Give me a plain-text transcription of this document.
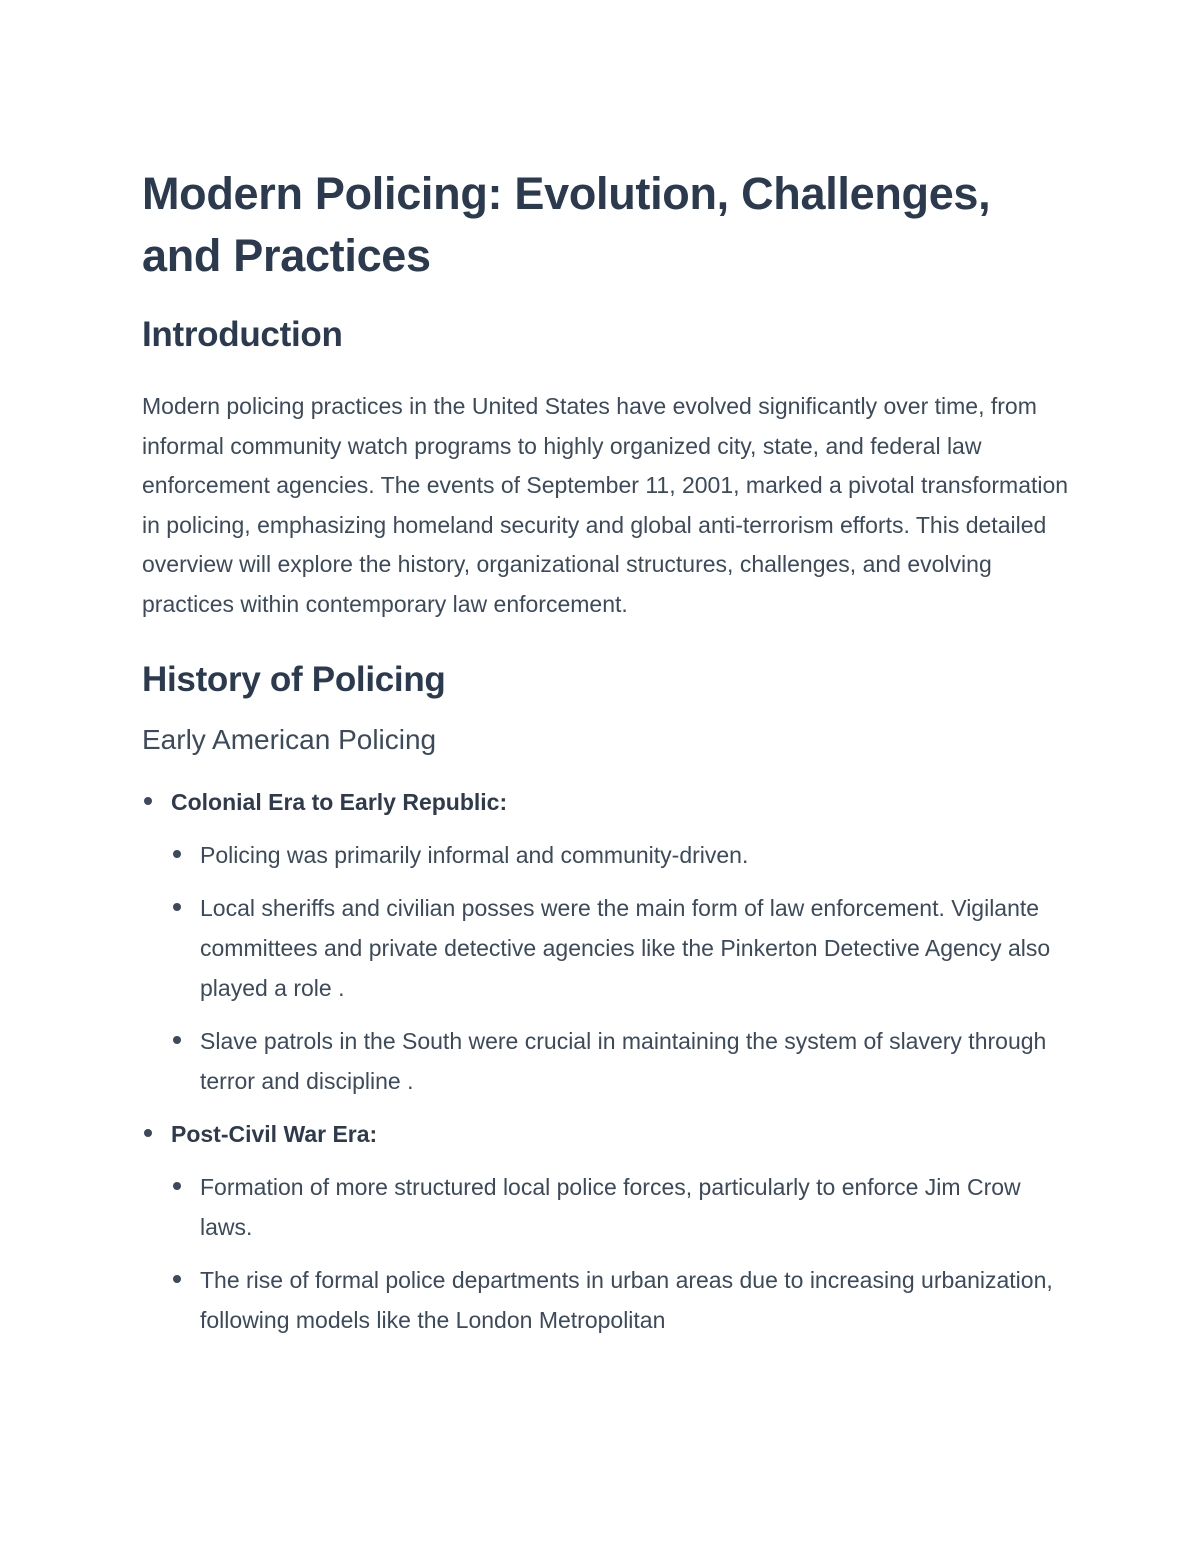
Modern Policing: Evolution, Challenges, and Practices
Introduction

Modern policing practices in the United States have evolved significantly over time, from informal community watch programs to highly organized city, state, and federal law enforcement agencies. The events of September 11, 2001, marked a pivotal transformation in policing, emphasizing homeland security and global anti-terrorism efforts. This detailed overview will explore the history, organizational structures, challenges, and evolving practices within contemporary law enforcement.

History of Policing
Early American Policing
Colonial Era to Early Republic:
Policing was primarily informal and community-driven.
Local sheriffs and civilian posses were the main form of law enforcement. Vigilante committees and private detective agencies like the Pinkerton Detective Agency also played a role .
Slave patrols in the South were crucial in maintaining the system of slavery through terror and discipline .
Post-Civil War Era:
Formation of more structured local police forces, particularly to enforce Jim Crow laws.
The rise of formal police departments in urban areas due to increasing urbanization, following models like the London Metropolitan
